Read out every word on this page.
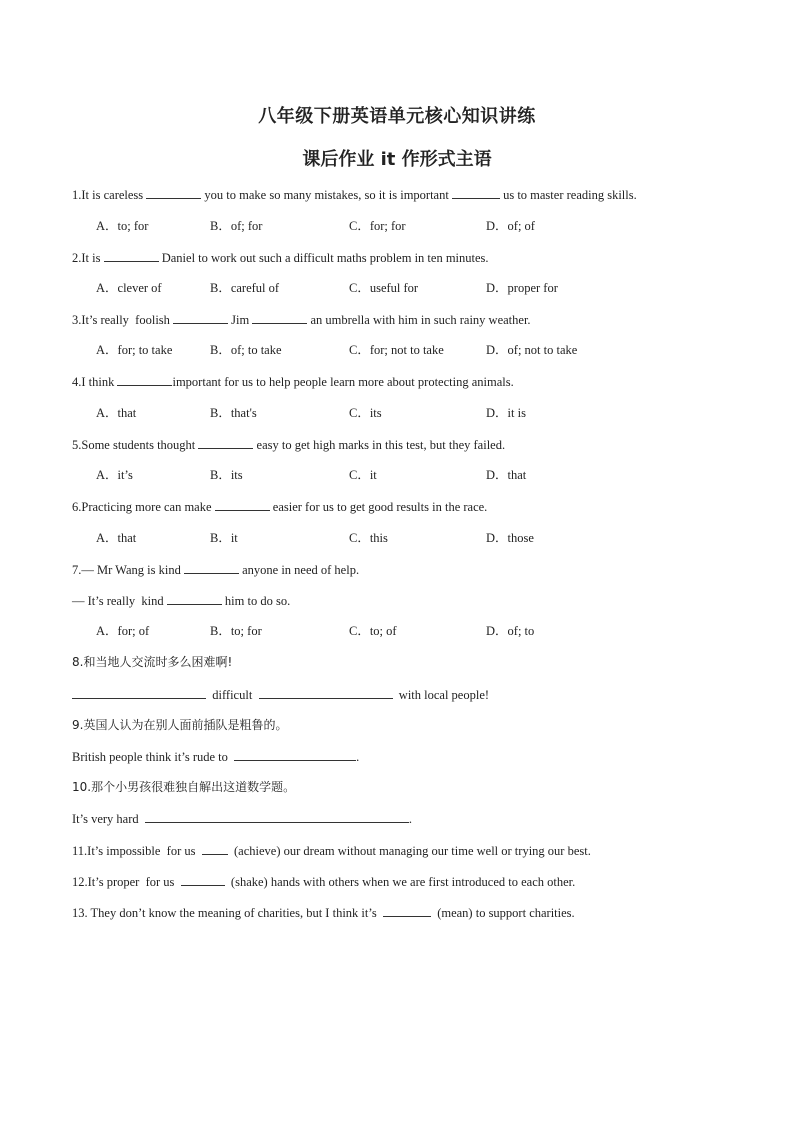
八年级下册英语单元核心知识讲练
课后作业 it 作形式主语
1.It is careless	you to make so many mistakes, so it is important	us to master reading skills.
A．to; for	B．of; for	C．for; for	D．of; of
2.It is	Daniel to work out such a difficult maths problem in ten minutes.
A．clever of	B．careful of	C．useful for	D．proper for
3.It’s really  foolish	Jim	an umbrella with him in such rainy weather.
A．for; to take	B．of; to take	C．for; not to take	D．of; not to take
4.I think	important for us to help people learn more about protecting animals.
A．that	B．that's	C．its	D．it is
5.Some students thought	easy to get high marks in this test, but they failed.
A．it’s	B．its	C．it	D．that
6.Practicing more can make	easier for us to get good results in the race.
A．that	B．it	C．this	D．those
7.— Mr Wang is kind	anyone in need of help.
— It’s really  kind	him to do so.
A．for; of	B．to; for	C．to; of	D．of; to
8.和当地人交流时多么困难啊!
difficult	with local people!
9.英国人认为在别人面前插队是粗鲁的。
British people think it’s rude to	.
10.那个小男孩很难独自解出这道数学题。
It’s very hard	.
11.It’s impossible  for us    (achieve) our dream without managing our time well or trying our best.
12.It’s proper  for us	(shake) hands with others when we are first introduced to each other.
13. They don’t know the meaning of charities, but I think it’s	(mean) to support charities.
